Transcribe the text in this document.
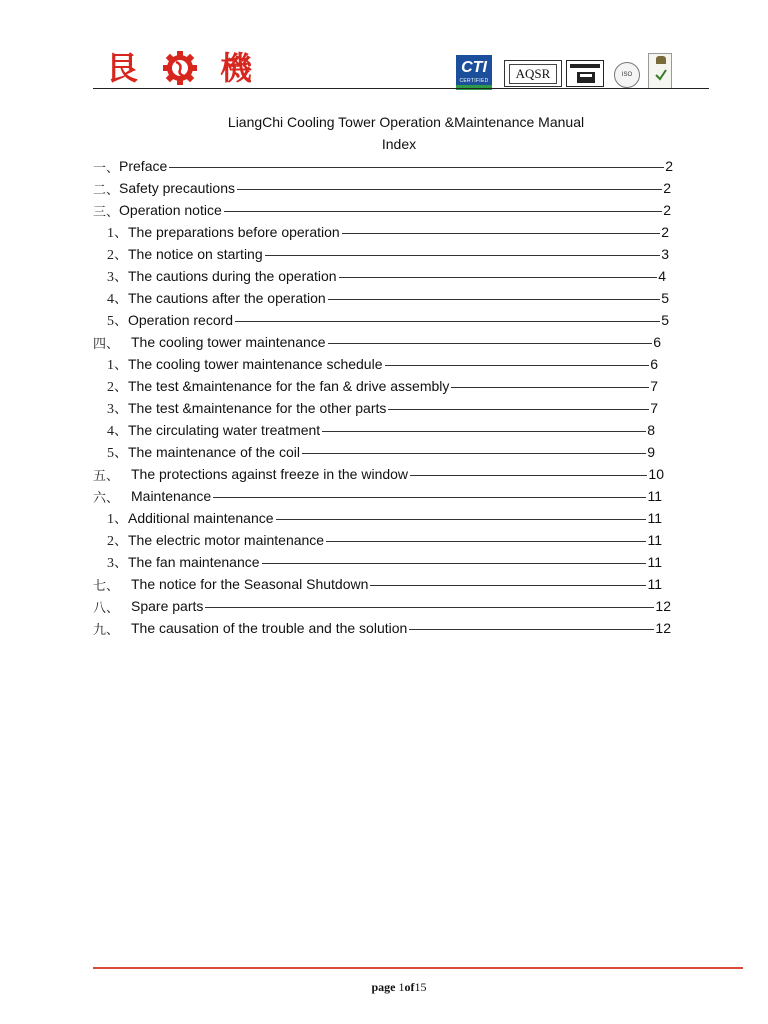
艮	機	CTI
CERTIFIED	AQSR	ISO
LiangChi Cooling Tower Operation &Maintenance Manual
Index
一、 Preface	2
二、 Safety precautions	2
三、 Operation notice	2
1、 The preparations before operation	2
2、 The notice on starting	3
3、 The cautions during the operation	4
4、 The cautions after the operation	5
5、 Operation record	5
四、 The cooling tower maintenance	6
1、 The cooling tower maintenance schedule	6
2、 The test &maintenance for the fan & drive assembly	7
3、 The test &maintenance for the other parts	7
4、 The circulating water treatment	8
5、 The maintenance of the coil	9
五、 The protections against freeze in the window	10
六、 Maintenance	11
1、 Additional maintenance	11
2、 The electric motor maintenance	11
3、 The fan maintenance	11
七、 The notice for the Seasonal Shutdown	11
八、 Spare parts	12
九、 The causation of the trouble and the solution	12
page 1of15
